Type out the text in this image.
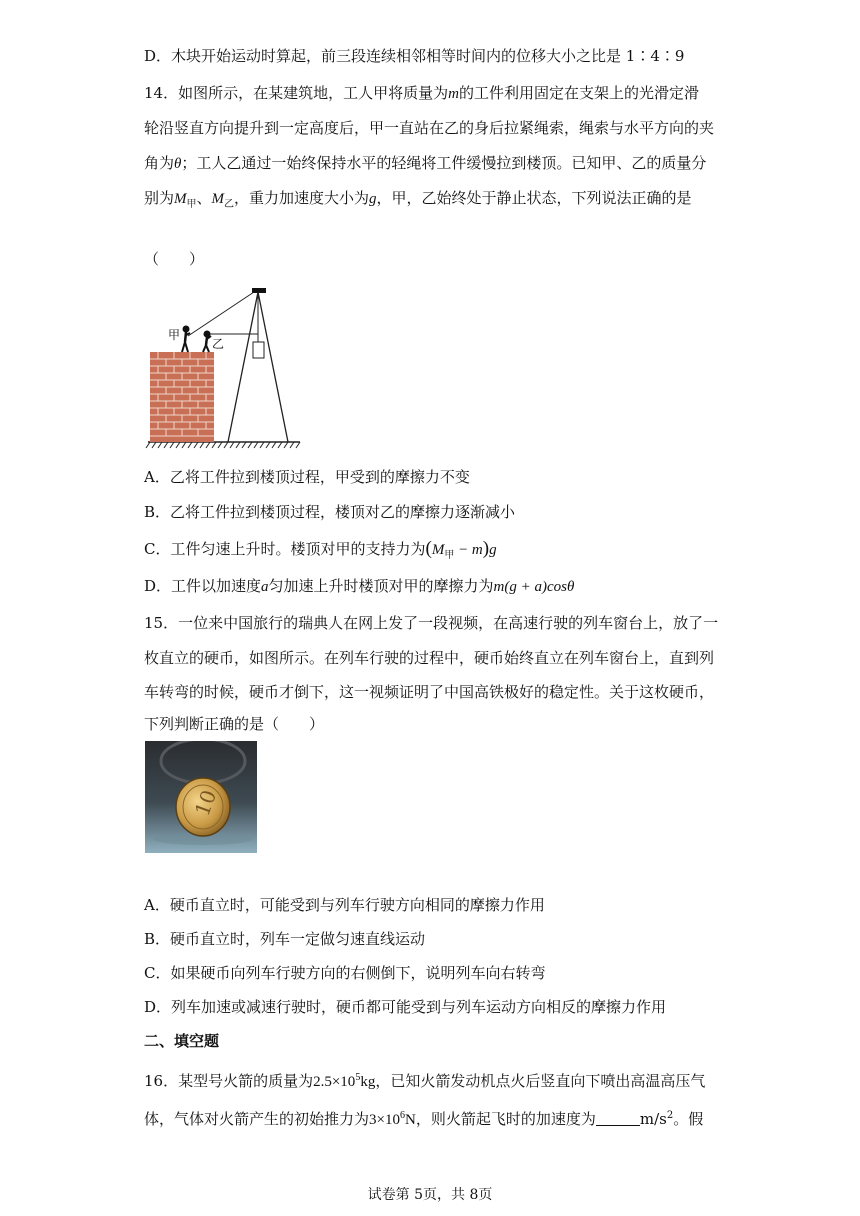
D．木块开始运动时算起，前三段连续相邻相等时间内的位移大小之比是 1∶4∶9
14．如图所示，在某建筑地，工人甲将质量为m的工件利用固定在支架上的光滑定滑
轮沿竖直方向提升到一定高度后，甲一直站在乙的身后拉紧绳索，绳索与水平方向的夹
角为θ；工人乙通过一始终保持水平的轻绳将工件缓慢拉到楼顶。已知甲、乙的质量分
别为$M_甲$、$M_乙$，重力加速度大小为g，甲，乙始终处于静止状态，下列说法正确的是
（　　）
甲
乙
A．乙将工件拉到楼顶过程，甲受到的摩擦力不变
B．乙将工件拉到楼顶过程，楼顶对乙的摩擦力逐渐减小
C．工件匀速上升时。楼顶对甲的支持力为$(M_甲 - m)g$
D．工件以加速度a匀加速上升时楼顶对甲的摩擦力为m(g + a)cosθ
15．一位来中国旅行的瑞典人在网上发了一段视频，在高速行驶的列车窗台上，放了一
枚直立的硬币，如图所示。在列车行驶的过程中，硬币始终直立在列车窗台上，直到列
车转弯的时候，硬币才倒下，这一视频证明了中国高铁极好的稳定性。关于这枚硬币，
下列判断正确的是（　　）
10
A．硬币直立时，可能受到与列车行驶方向相同的摩擦力作用
B．硬币直立时，列车一定做匀速直线运动
C．如果硬币向列车行驶方向的右侧倒下，说明列车向右转弯
D．列车加速或减速行驶时，硬币都可能受到与列车运动方向相反的摩擦力作用
二、填空题
16．某型号火箭的质量为$2.5\times 10^5kg$，已知火箭发动机点火后竖直向下喷出高温高压气
体，气体对火箭产生的初始推力为$3\times 10^6N$，则火箭起飞时的加速度为	$m/s^2$。假
试卷第 5页，共 8页
